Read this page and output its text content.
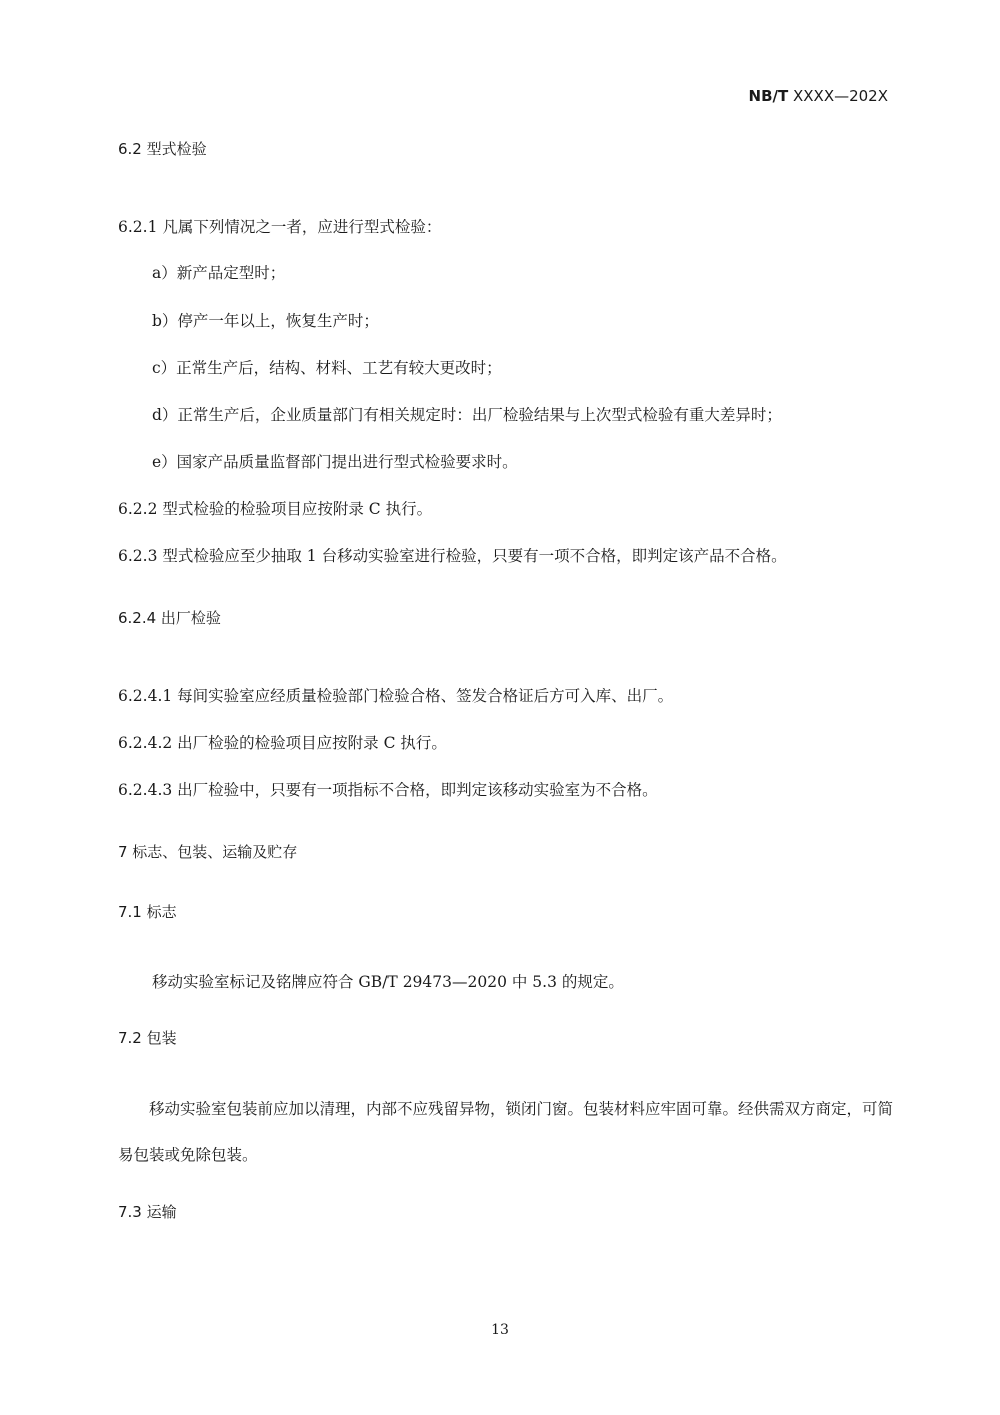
NB/T XXXX—202X
6.2 型式检验
6.2.1 凡属下列情况之一者，应进行型式检验：
a）新产品定型时；
b）停产一年以上，恢复生产时；
c）正常生产后，结构、材料、工艺有较大更改时；
d）正常生产后，企业质量部门有相关规定时：出厂检验结果与上次型式检验有重大差异时；
e）国家产品质量监督部门提出进行型式检验要求时。
6.2.2 型式检验的检验项目应按附录 C 执行。
6.2.3 型式检验应至少抽取 1 台移动实验室进行检验，只要有一项不合格，即判定该产品不合格。
6.2.4 出厂检验
6.2.4.1 每间实验室应经质量检验部门检验合格、签发合格证后方可入库、出厂。
6.2.4.2 出厂检验的检验项目应按附录 C 执行。
6.2.4.3 出厂检验中，只要有一项指标不合格，即判定该移动实验室为不合格。
7 标志、包装、运输及贮存
7.1 标志
移动实验室标记及铭牌应符合 GB/T 29473—2020 中 5.3 的规定。
7.2 包装
移动实验室包装前应加以清理，内部不应残留异物，锁闭门窗。包装材料应牢固可靠。经供需双方商定，可简易包装或免除包装。
7.3 运输
13
